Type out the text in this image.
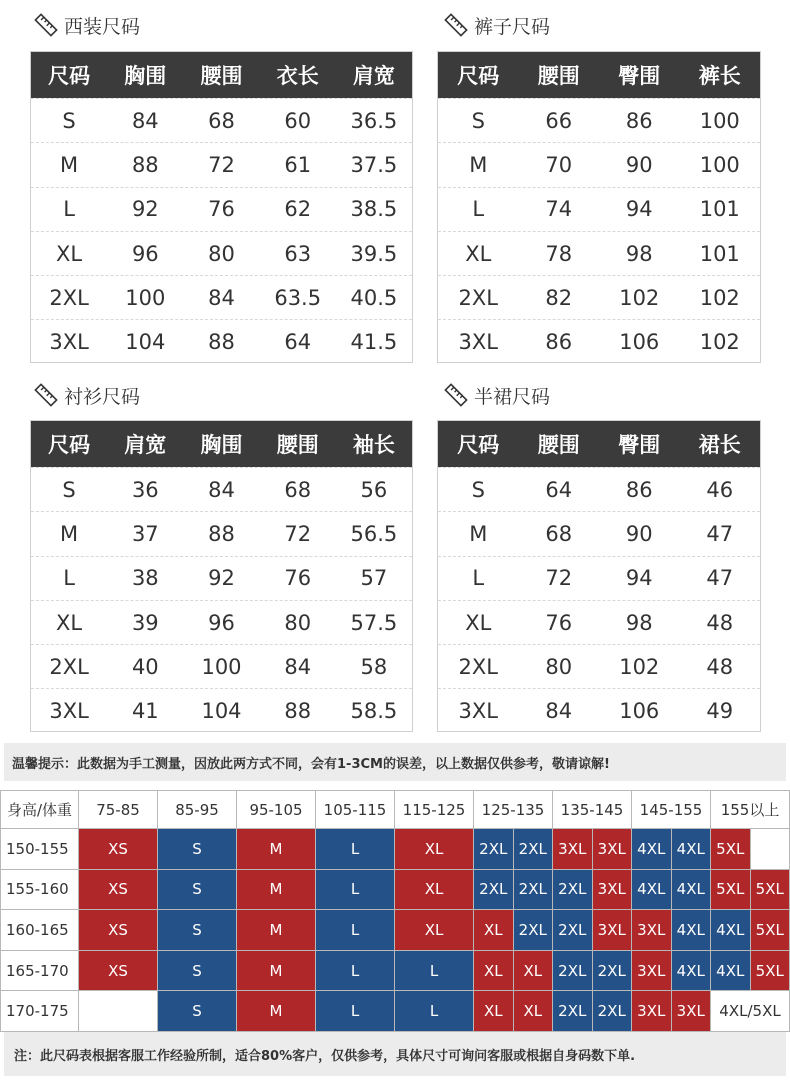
西装尺码
尺码	胸围	腰围	衣长	肩宽
S	84	68	60	36.5
M	88	72	61	37.5
L	92	76	62	38.5
XL	96	80	63	39.5
2XL	100	84	63.5	40.5
3XL	104	88	64	41.5
裤子尺码
尺码	腰围	臀围	裤长
S	66	86	100
M	70	90	100
L	74	94	101
XL	78	98	101
2XL	82	102	102
3XL	86	106	102
衬衫尺码
尺码	肩宽	胸围	腰围	袖长
S	36	84	68	56
M	37	88	72	56.5
L	38	92	76	57
XL	39	96	80	57.5
2XL	40	100	84	58
3XL	41	104	88	58.5
半裙尺码
尺码	腰围	臀围	裙长
S	64	86	46
M	68	90	47
L	72	94	47
XL	76	98	48
2XL	80	102	48
3XL	84	106	49
温馨提示：此数据为手工测量，因放此两方式不同，会有1-3CM的误差，以上数据仅供参考，敬请谅解!
身高/体重	75-85	85-95	95-105	105-115	115-125	125-135		135-145		145-155		155以上	
150-155	XS	S	M	L	XL	2XL	2XL	3XL	3XL	4XL	4XL	5XL	
155-160	XS	S	M	L	XL	2XL	2XL	2XL	3XL	4XL	4XL	5XL	5XL
160-165	XS	S	M	L	XL	XL	2XL	2XL	3XL	3XL	4XL	4XL	5XL
165-170	XS	S	M	L	L	XL	XL	2XL	2XL	3XL	4XL	4XL	5XL
170-175		S	M	L	L	XL	XL	2XL	2XL	3XL	3XL	4XL/5XL	
注：此尺码表根据客服工作经验所制，适合80%客户，仅供参考，具体尺寸可询问客服或根据自身码数下单.
